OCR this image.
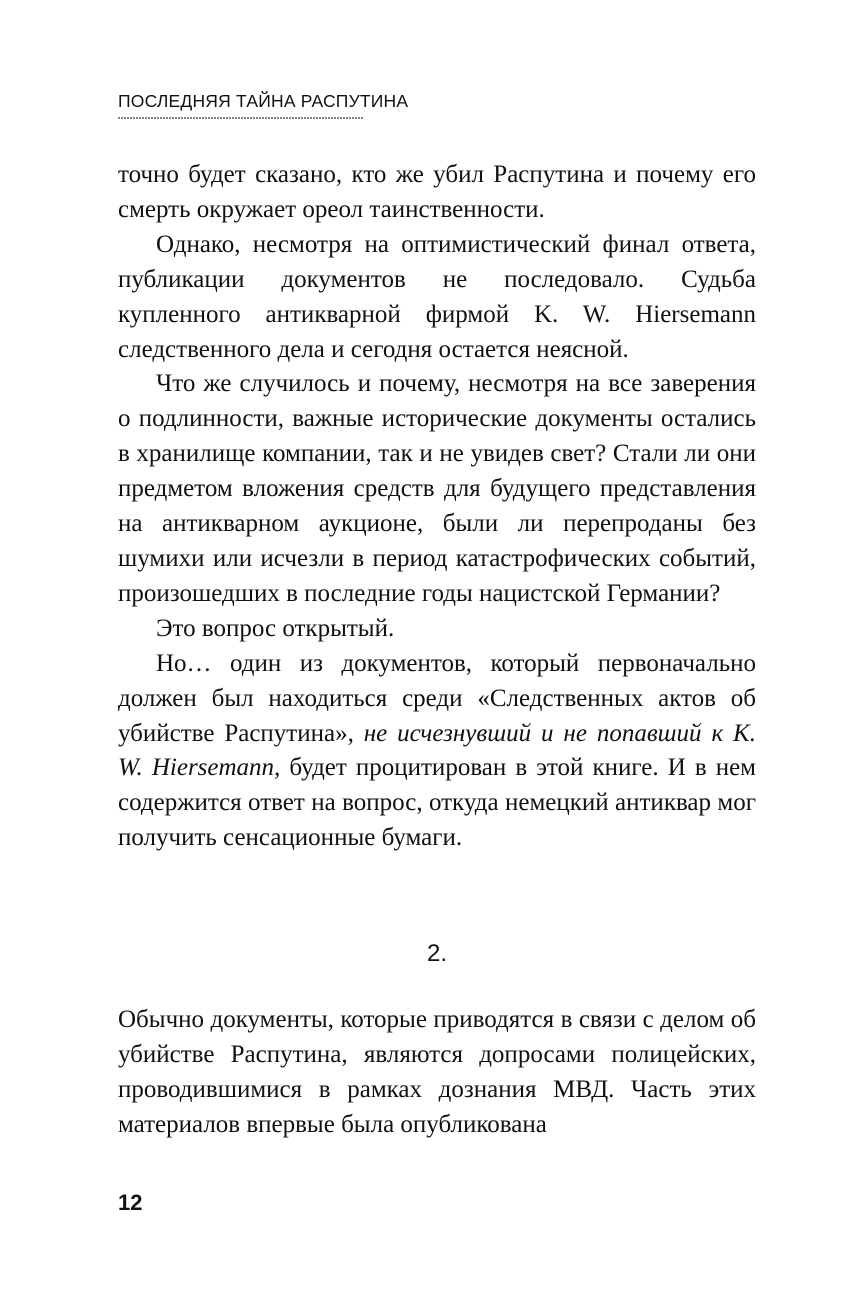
ПОСЛЕДНЯЯ ТАЙНА РАСПУТИНА

точно будет сказано, кто же убил Распутина и почему его смерть окружает ореол таинственности.

Однако, несмотря на оптимистический финал ответа, публикации документов не последовало. Судьба купленного антикварной фирмой K. W. Hiersemann следственного дела и сегодня остается неясной.

Что же случилось и почему, несмотря на все заверения о подлинности, важные исторические документы остались в хранилище компании, так и не увидев свет? Стали ли они предметом вложения средств для будущего представления на антикварном аукционе, были ли перепроданы без шумихи или исчезли в период катастрофических событий, произошедших в последние годы нацистской Германии?

Это вопрос открытый.

Но… один из документов, который первоначально должен был находиться среди «Следственных актов об убийстве Распутина», не исчезнувший и не попавший к K. W. Hiersemann, будет процитирован в этой книге. И в нем содержится ответ на вопрос, откуда немецкий антиквар мог получить сенсационные бумаги.

2.

Обычно документы, которые приводятся в связи с делом об убийстве Распутина, являются допросами полицейских, проводившимися в рамках дознания МВД. Часть этих материалов впервые была опубликована

12
